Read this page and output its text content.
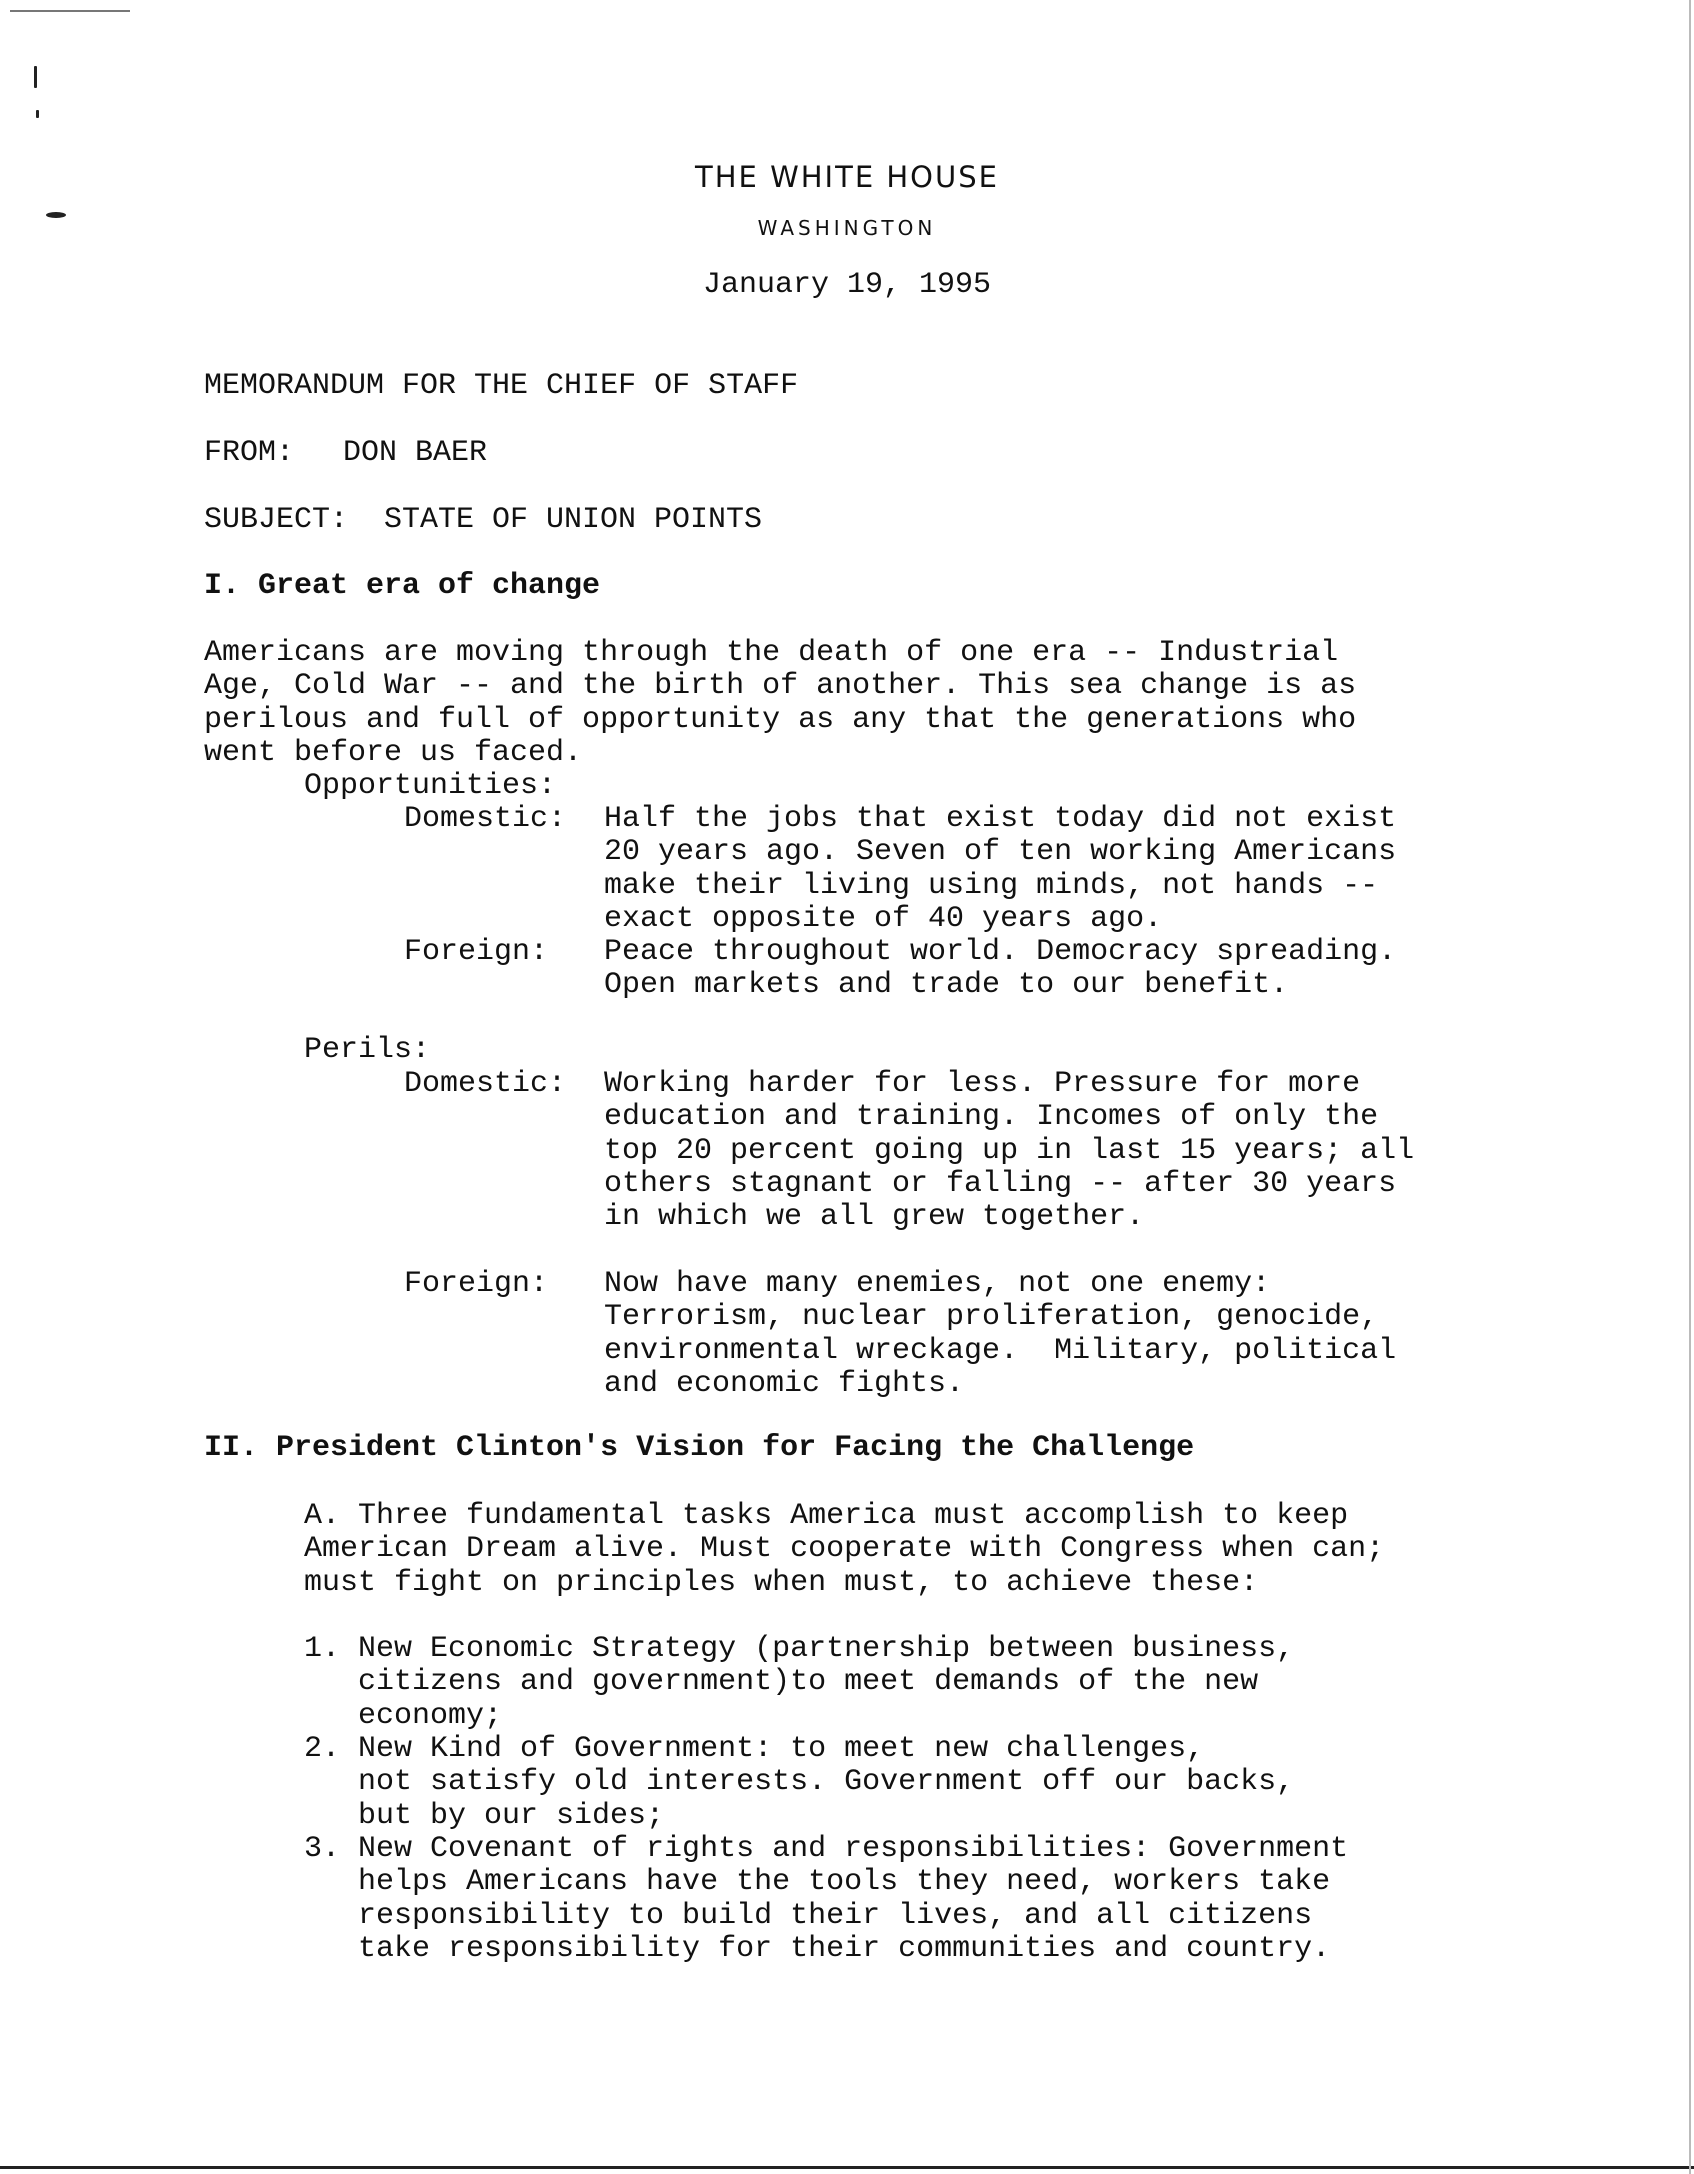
THE WHITE HOUSE
WASHINGTON
January 19, 1995
MEMORANDUM FOR THE CHIEF OF STAFF
FROM: DON BAER
SUBJECT: STATE OF UNION POINTS
I. Great era of change
Americans are moving through the death of one era -- Industrial
Age, Cold War -- and the birth of another. This sea change is as
perilous and full of opportunity as any that the generations who
went before us faced.
Opportunities:
Domestic: Half the jobs that exist today did not exist
20 years ago. Seven of ten working Americans
make their living using minds, not hands --
exact opposite of 40 years ago.
Foreign: Peace throughout world. Democracy spreading.
Open markets and trade to our benefit.
Perils:
Domestic: Working harder for less. Pressure for more
education and training. Incomes of only the
top 20 percent going up in last 15 years; all
others stagnant or falling -- after 30 years
in which we all grew together.
Foreign: Now have many enemies, not one enemy:
Terrorism, nuclear proliferation, genocide,
environmental wreckage.  Military, political
and economic fights.
II. President Clinton's Vision for Facing the Challenge
A. Three fundamental tasks America must accomplish to keep
American Dream alive. Must cooperate with Congress when can;
must fight on principles when must, to achieve these:
1. New Economic Strategy (partnership between business,
citizens and government)to meet demands of the new
economy;
2. New Kind of Government: to meet new challenges,
not satisfy old interests. Government off our backs,
but by our sides;
3. New Covenant of rights and responsibilities: Government
helps Americans have the tools they need, workers take
responsibility to build their lives, and all citizens
take responsibility for their communities and country.
